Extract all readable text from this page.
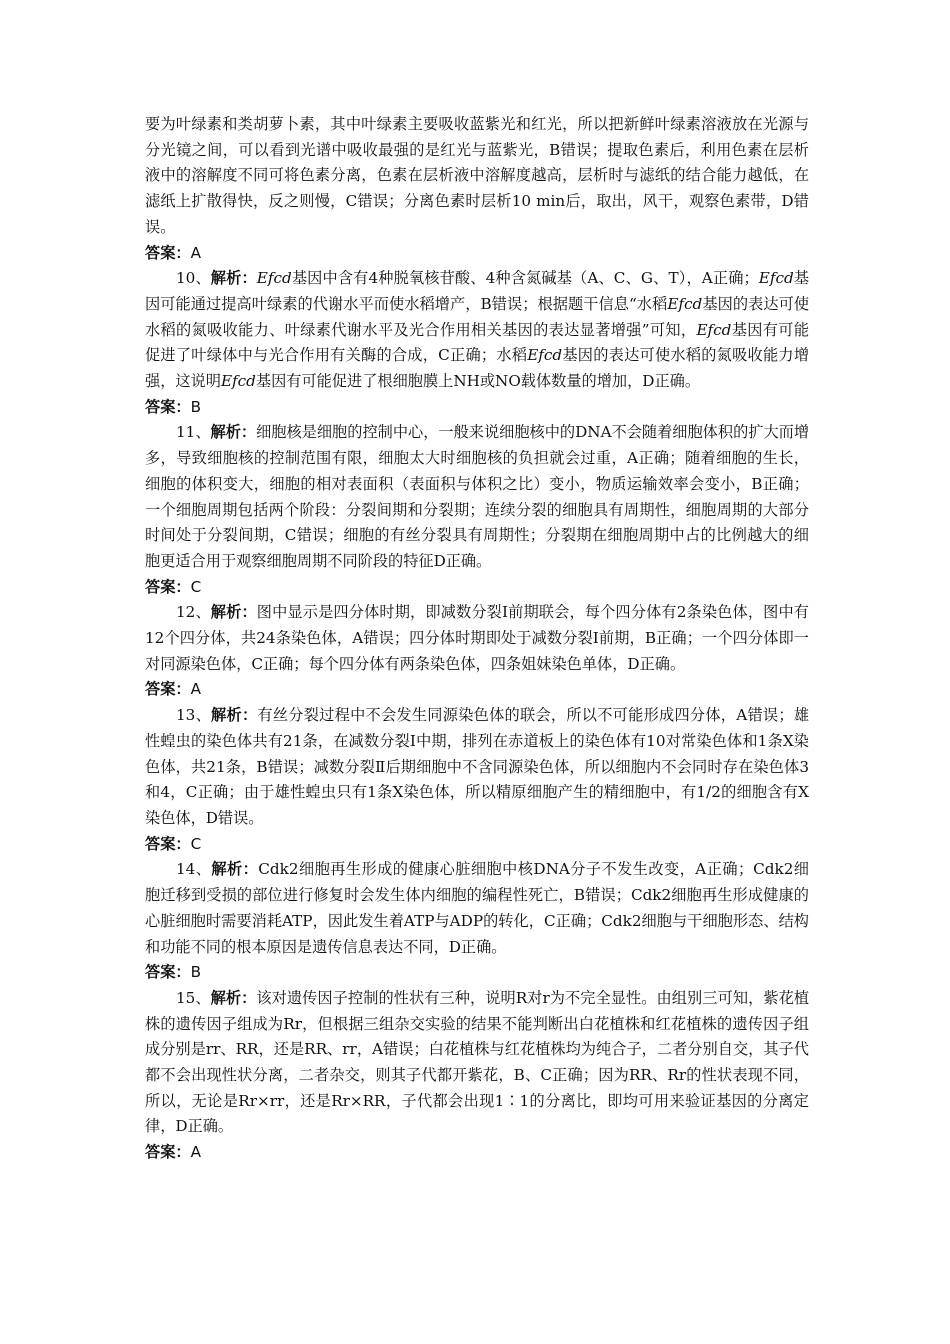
要为叶绿素和类胡萝卜素，其中叶绿素主要吸收蓝紫光和红光，所以把新鲜叶绿素溶液放在光源与分光镜之间，可以看到光谱中吸收最强的是红光与蓝紫光，B错误；提取色素后，利用色素在层析液中的溶解度不同可将色素分离，色素在层析液中溶解度越高，层析时与滤纸的结合能力越低，在滤纸上扩散得快，反之则慢，C错误；分离色素时层析10 min后，取出，风干，观察色素带，D错误。

答案：A

10、解析：Efcd基因中含有4种脱氧核苷酸、4种含氮碱基（A、C、G、T），A正确；Efcd基因可能通过提高叶绿素的代谢水平而使水稻增产，B错误；根据题干信息“水稻Efcd基因的表达可使水稻的氮吸收能力、叶绿素代谢水平及光合作用相关基因的表达显著增强”可知，Efcd基因有可能促进了叶绿体中与光合作用有关酶的合成，C正确；水稻Efcd基因的表达可使水稻的氮吸收能力增强，这说明Efcd基因有可能促进了根细胞膜上NH或NO载体数量的增加，D正确。

答案：B

11、解析：细胞核是细胞的控制中心，一般来说细胞核中的DNA不会随着细胞体积的扩大而增多，导致细胞核的控制范围有限，细胞太大时细胞核的负担就会过重，A正确；随着细胞的生长，细胞的体积变大，细胞的相对表面积（表面积与体积之比）变小，物质运输效率会变小，B正确；一个细胞周期包括两个阶段：分裂间期和分裂期；连续分裂的细胞具有周期性，细胞周期的大部分时间处于分裂间期，C错误；细胞的有丝分裂具有周期性；分裂期在细胞周期中占的比例越大的细胞更适合用于观察细胞周期不同阶段的特征D正确。

答案：C

12、解析：图中显示是四分体时期，即减数分裂Ⅰ前期联会，每个四分体有2条染色体，图中有12个四分体，共24条染色体，A错误；四分体时期即处于减数分裂Ⅰ前期，B正确；一个四分体即一对同源染色体，C正确；每个四分体有两条染色体，四条姐妹染色单体，D正确。

答案：A

13、解析：有丝分裂过程中不会发生同源染色体的联会，所以不可能形成四分体，A错误；雄性蝗虫的染色体共有21条，在减数分裂Ⅰ中期，排列在赤道板上的染色体有10对常染色体和1条X染色体，共21条，B错误；减数分裂Ⅱ后期细胞中不含同源染色体，所以细胞内不会同时存在染色体3和4，C正确；由于雄性蝗虫只有1条X染色体，所以精原细胞产生的精细胞中，有1/2的细胞含有X染色体，D错误。

答案：C

14、解析：Cdk2细胞再生形成的健康心脏细胞中核DNA分子不发生改变，A正确；Cdk2细胞迁移到受损的部位进行修复时会发生体内细胞的编程性死亡，B错误；Cdk2细胞再生形成健康的心脏细胞时需要消耗ATP，因此发生着ATP与ADP的转化，C正确；Cdk2细胞与干细胞形态、结构和功能不同的根本原因是遗传信息表达不同，D正确。

答案：B

15、解析：该对遗传因子控制的性状有三种，说明R对r为不完全显性。由组别三可知，紫花植株的遗传因子组成为Rr，但根据三组杂交实验的结果不能判断出白花植株和红花植株的遗传因子组成分别是rr、RR，还是RR、rr，A错误；白花植株与红花植株均为纯合子，二者分别自交，其子代都不会出现性状分离，二者杂交，则其子代都开紫花，B、C正确；因为RR、Rr的性状表现不同，所以，无论是Rr×rr，还是Rr×RR，子代都会出现1∶1的分离比，即均可用来验证基因的分离定律，D正确。

答案：A
